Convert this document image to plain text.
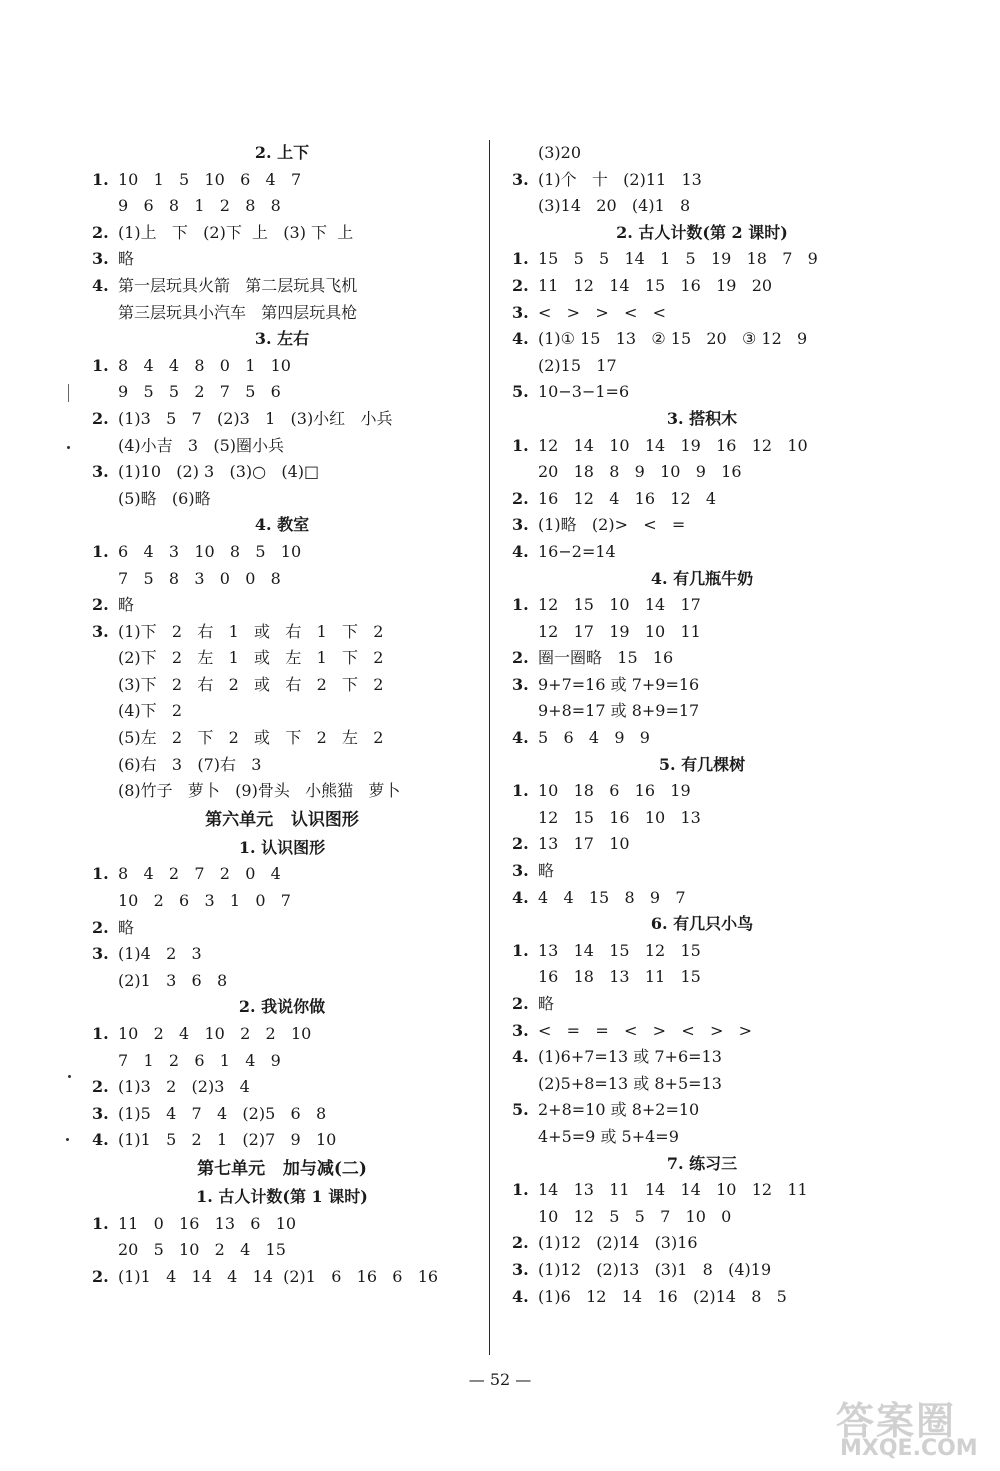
2. 上下
1. 10   1   5   10   6   4   7
9   6   8   1   2   8   8
2. (1)上   下   (2)下  上   (3) 下  上
3. 略
4. 第一层玩具火箭   第二层玩具飞机
第三层玩具小汽车   第四层玩具枪
3. 左右
1. 8   4   4   8   0   1   10
9   5   5   2   7   5   6
2. (1)3   5   7   (2)3   1   (3)小红   小兵
(4)小吉   3   (5)圈小兵
3. (1)10   (2) 3   (3)○   (4)□
(5)略   (6)略
4. 教室
1. 6   4   3   10   8   5   10
7   5   8   3   0   0   8
2. 略
3. (1)下   2   右   1   或   右   1   下   2
(2)下   2   左   1   或   左   1   下   2
(3)下   2   右   2   或   右   2   下   2
(4)下   2
(5)左   2   下   2   或   下   2   左   2
(6)右   3   (7)右   3
(8)竹子   萝卜   (9)骨头   小熊猫   萝卜
第六单元   认识图形
1. 认识图形
1. 8   4   2   7   2   0   4
10   2   6   3   1   0   7
2. 略
3. (1)4   2   3
(2)1   3   6   8
2. 我说你做
1. 10   2   4   10   2   2   10
7   1   2   6   1   4   9
2. (1)3   2   (2)3   4
3. (1)5   4   7   4   (2)5   6   8
4. (1)1   5   2   1   (2)7   9   10
第七单元   加与减(二)
1. 古人计数(第 1 课时)
1. 11   0   16   13   6   10
20   5   10   2   4   15
2. (1)1   4   14   4   14  (2)1   6   16   6   16
(3)20
3. (1)个   十   (2)11   13
(3)14   20   (4)1   8
2. 古人计数(第 2 课时)
1. 15   5   5   14   1   5   19   18   7   9
2. 11   12   14   15   16   19   20
3. <   >   >   <   <
4. (1)① 15   13   ② 15   20   ③ 12   9
(2)15   17
5. 10−3−1=6
3. 搭积木
1. 12   14   10   14   19   16   12   10
20   18   8   9   10   9   16
2. 16   12   4   16   12   4
3. (1)略   (2)>   <   =
4. 16−2=14
4. 有几瓶牛奶
1. 12   15   10   14   17
12   17   19   10   11
2. 圈一圈略   15   16
3. 9+7=16 或 7+9=16
9+8=17 或 8+9=17
4. 5   6   4   9   9
5. 有几棵树
1. 10   18   6   16   19
12   15   16   10   13
2. 13   17   10
3. 略
4. 4   4   15   8   9   7
6. 有几只小鸟
1. 13   14   15   12   15
16   18   13   11   15
2. 略
3. <   =   =   <   >   <   >   >
4. (1)6+7=13 或 7+6=13
(2)5+8=13 或 8+5=13
5. 2+8=10 或 8+2=10
4+5=9 或 5+4=9
7. 练习三
1. 14   13   11   14   14   10   12   11
10   12   5   5   7   10   0
2. (1)12   (2)14   (3)16
3. (1)12   (2)13   (3)1   8   (4)19
4. (1)6   12   14   16   (2)14   8   5
— 52 —
答案圈
MXQE.COM
